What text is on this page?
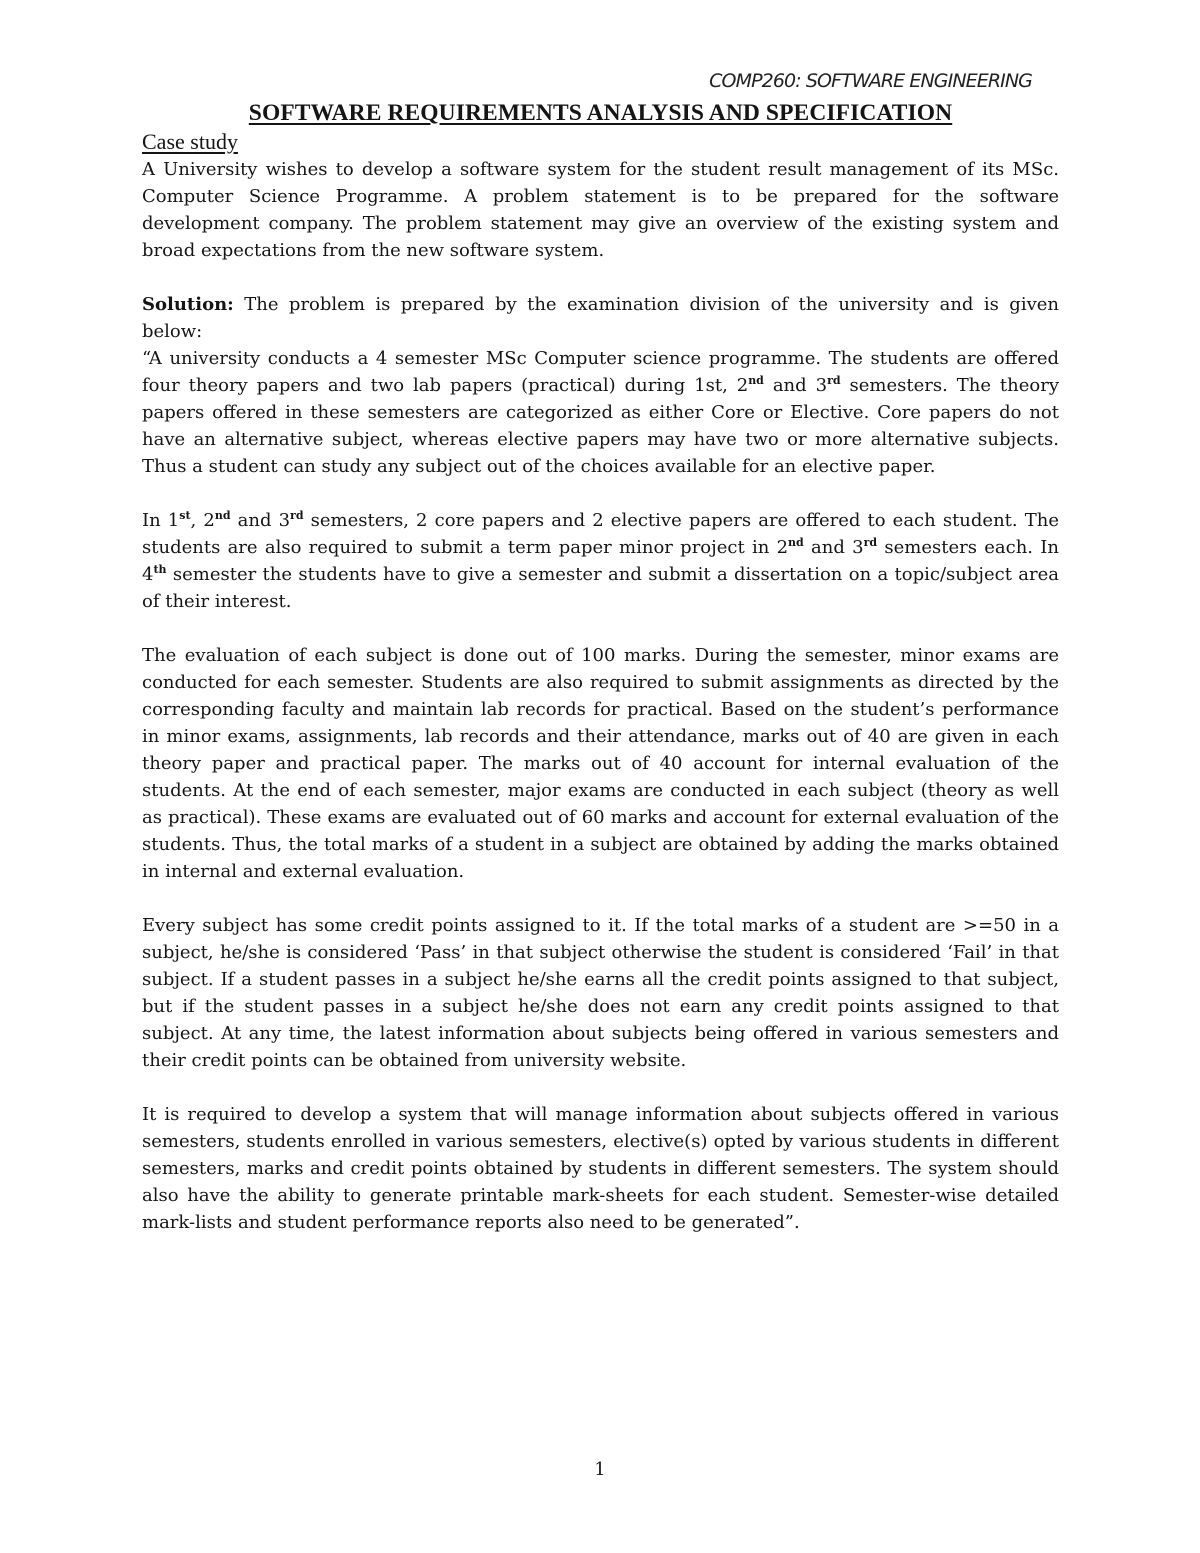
COMP260: SOFTWARE ENGINEERING
SOFTWARE REQUIREMENTS ANALYSIS AND SPECIFICATION
Case study

A University wishes to develop a software system for the student result management of its MSc. Computer Science Programme. A problem statement is to be prepared for the software development company. The problem statement may give an overview of the existing system and broad expectations from the new software system.

Solution: The problem is prepared by the examination division of the university and is given below:

“A university conducts a 4 semester MSc Computer science programme. The students are offered four theory papers and two lab papers (practical) during 1st, 2nd and 3rd semesters. The theory papers offered in these semesters are categorized as either Core or Elective. Core papers do not have an alternative subject, whereas elective papers may have two or more alternative subjects. Thus a student can study any subject out of the choices available for an elective paper.

In 1st, 2nd and 3rd semesters, 2 core papers and 2 elective papers are offered to each student. The students are also required to submit a term paper minor project in 2nd and 3rd semesters each. In 4th semester the students have to give a semester and submit a dissertation on a topic/subject area of their interest.

The evaluation of each subject is done out of 100 marks. During the semester, minor exams are conducted for each semester. Students are also required to submit assignments as directed by the corresponding faculty and maintain lab records for practical. Based on the student’s performance in minor exams, assignments, lab records and their attendance, marks out of 40 are given in each theory paper and practical paper. The marks out of 40 account for internal evaluation of the students. At the end of each semester, major exams are conducted in each subject (theory as well as practical). These exams are evaluated out of 60 marks and account for external evaluation of the students. Thus, the total marks of a student in a subject are obtained by adding the marks obtained in internal and external evaluation.

Every subject has some credit points assigned to it. If the total marks of a student are >=50 in a subject, he/she is considered ‘Pass’ in that subject otherwise the student is considered ‘Fail’ in that subject. If a student passes in a subject he/she earns all the credit points assigned to that subject, but if the student passes in a subject he/she does not earn any credit points assigned to that subject. At any time, the latest information about subjects being offered in various semesters and their credit points can be obtained from university website.

It is required to develop a system that will manage information about subjects offered in various semesters, students enrolled in various semesters, elective(s) opted by various students in different semesters, marks and credit points obtained by students in different semesters. The system should also have the ability to generate printable mark-sheets for each student. Semester-wise detailed mark-lists and student performance reports also need to be generated”.

1
